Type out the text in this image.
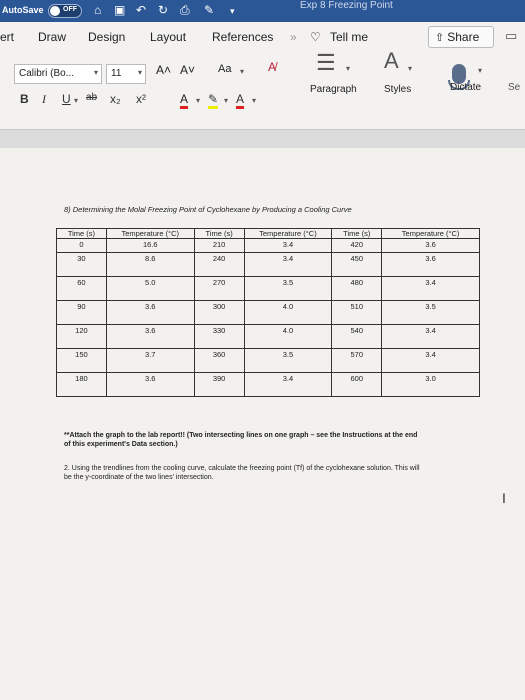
AutoSave	OFF ⌂ ▣ ↶ ↻ ⎙ ✎ ▾	Exp 8 Freezing Point
ert Draw Design Layout References » ♡ Tell me	⇧ Share	▭
Calibri (Bo... ▾	11 ▾ A˄ A˅ Aa ▾ A̸
B I U ▾ ab x₂ x²	A ▾ ✎ ▾ A ▾
☰ ▾
Paragraph
A ▾
Styles
▾
Dictate	Se
8) Determining the Molal Freezing Point of Cyclohexane by Producing a Cooling Curve
Time (s)	Temperature (°C)	Time (s)	Temperature (°C)	Time (s)	Temperature (°C)
0	16.6	210	3.4	420	3.6
30	8.6	240	3.4	450	3.6
60	5.0	270	3.5	480	3.4
90	3.6	300	4.0	510	3.5
120	3.6	330	4.0	540	3.4
150	3.7	360	3.5	570	3.4
180	3.6	390	3.4	600	3.0
**Attach the graph to the lab report!! (Two intersecting lines on one graph – see the Instructions at the end of this experiment's Data section.)
2. Using the trendlines from the cooling curve, calculate the freezing point (Tf) of the cyclohexane solution. This will be the y-coordinate of the two lines' intersection.
I
